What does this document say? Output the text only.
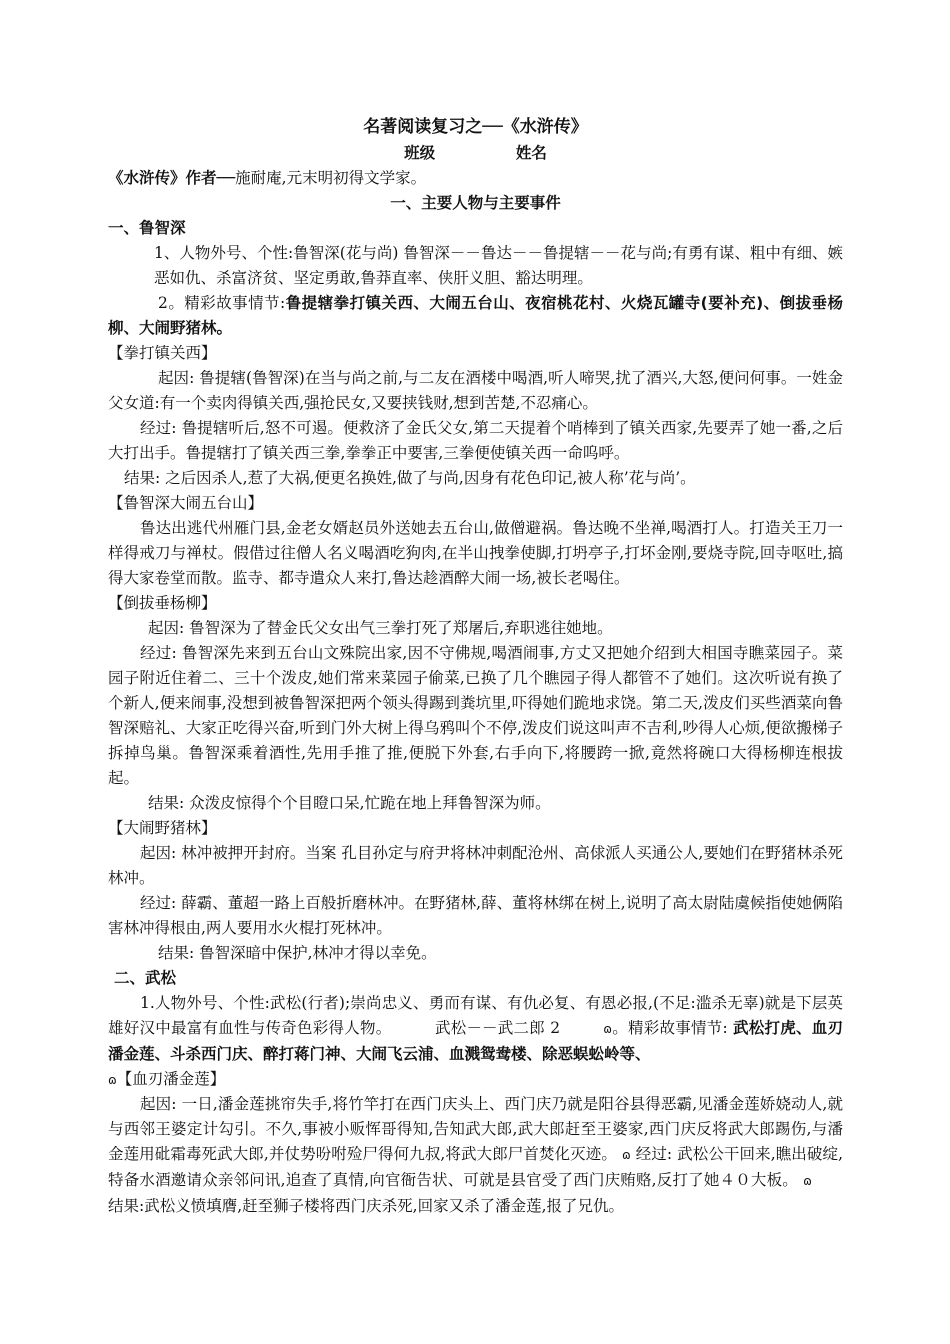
名著阅读复习之──《水浒传》
班级	姓名
《水浒传》作者──施耐庵,元末明初得文学家。
一、主要人物与主要事件
一、鲁智深
1、人物外号、个性:鲁智深(花与尚) 鲁智深－－鲁达－－鲁提辖－－花与尚;有勇有谋、粗中有细、嫉恶如仇、杀富济贫、坚定勇敢,鲁莽直率、侠肝义胆、豁达明理。
2。精彩故事情节:鲁提辖拳打镇关西、大闹五台山、夜宿桃花村、火烧瓦罐寺(要补充)、倒拔垂杨柳、大闹野猪林。
【拳打镇关西】
起因: 鲁提辖(鲁智深)在当与尚之前,与二友在酒楼中喝酒,听人啼哭,扰了酒兴,大怒,便问何事。一姓金父女道:有一个卖肉得镇关西,强抢民女,又要挟钱财,想到苦楚,不忍痛心。
经过: 鲁提辖听后,怒不可遏。便救济了金氏父女,第二天提着个哨棒到了镇关西家,先要弄了她一番,之后大打出手。鲁提辖打了镇关西三拳,拳拳正中要害,三拳便使镇关西一命呜呼。
结果: 之后因杀人,惹了大祸,便更名换姓,做了与尚,因身有花色印记,被人称’花与尚’。
【鲁智深大闹五台山】
鲁达出逃代州雁门县,金老女婿赵员外送她去五台山,做僧避祸。鲁达晚不坐禅,喝酒打人。打造关王刀一样得戒刀与禅杖。假借过往僧人名义喝酒吃狗肉,在半山拽拳使脚,打坍亭子,打坏金刚,要烧寺院,回寺呕吐,搞得大家卷堂而散。监寺、都寺遣众人来打,鲁达趁酒醉大闹一场,被长老喝住。
【倒拔垂杨柳】
起因: 鲁智深为了替金氏父女出气三拳打死了郑屠后,弃职逃往她地。
经过: 鲁智深先来到五台山文殊院出家,因不守佛规,喝酒闹事,方丈又把她介绍到大相国寺瞧菜园子。菜园子附近住着二、三十个泼皮,她们常来菜园子偷菜,已换了几个瞧园子得人都管不了她们。这次听说有换了个新人,便来闹事,没想到被鲁智深把两个领头得踢到粪坑里,吓得她们跪地求饶。第二天,泼皮们买些酒菜向鲁智深赔礼、大家正吃得兴奋,听到门外大树上得乌鸦叫个不停,泼皮们说这叫声不吉利,吵得人心烦,便欲搬梯子拆掉鸟巢。鲁智深乘着酒性,先用手推了推,便脱下外套,右手向下,将腰跨一掀,竟然将碗口大得杨柳连根拔起。
结果: 众泼皮惊得个个目瞪口呆,忙跪在地上拜鲁智深为师。
【大闹野猪林】
起因: 林冲被押开封府。当案 孔目孙定与府尹将林冲刺配沧州、高俅派人买通公人,要她们在野猪林杀死林冲。
经过: 薛霸、董超一路上百般折磨林冲。在野猪林,薛、董将林绑在树上,说明了高太尉陆虞候指使她俩陷害林冲得根由,两人要用水火棍打死林冲。
结果: 鲁智深暗中保护,林冲才得以幸免。
二、武松
1.人物外号、个性:武松(行者);崇尚忠义、勇而有谋、有仇必复、有恩必报,(不足:滥杀无辜)就是下层英雄好汉中最富有血性与传奇色彩得人物。	武松－－武二郎 2	ɷ。精彩故事情节: 武松打虎、血刃潘金莲、斗杀西门庆、醉打蒋门神、大闹飞云浦、血溅鸳鸯楼、除恶蜈蚣岭等、
ɷ【血刃潘金莲】
起因: 一日,潘金莲挑帘失手,将竹竿打在西门庆头上、西门庆乃就是阳谷县得恶霸,见潘金莲娇娆动人,就与西邻王婆定计勾引。不久,事被小贩恽哥得知,告知武大郎,武大郎赶至王婆家,西门庆反将武大郎踢伤,与潘金莲用砒霜毒死武大郎,并仗势吩咐殓尸得何九叔,将武大郎尸首焚化灭迹。 ɷ 经过: 武松公干回来,瞧出破绽,特备水酒邀请众亲邻问讯,追查了真情,向官衙告状、可就是县官受了西门庆贿赂,反打了她４０大板。 ɷ 结果:武松义愤填膺,赶至狮子楼将西门庆杀死,回家又杀了潘金莲,报了兄仇。
